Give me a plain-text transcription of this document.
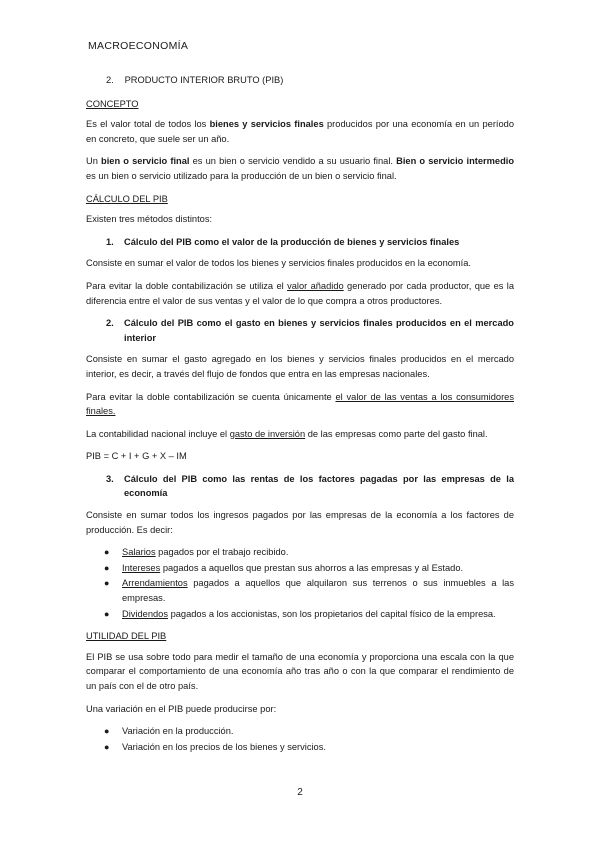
MACROECONOMÍA
2. PRODUCTO INTERIOR BRUTO (PIB)
CONCEPTO

Es el valor total de todos los bienes y servicios finales producidos por una economía en un período en concreto, que suele ser un año.

Un bien o servicio final es un bien o servicio vendido a su usuario final. Bien o servicio intermedio es un bien o servicio utilizado para la producción de un bien o servicio final.

CÁLCULO DEL PIB

Existen tres métodos distintos:

1.	Cálculo del PIB como el valor de la producción de bienes y servicios finales

Consiste en sumar el valor de todos los bienes y servicios finales producidos en la economía.

Para evitar la doble contabilización se utiliza el valor añadido generado por cada productor, que es la diferencia entre el valor de sus ventas y el valor de lo que compra a otros productores.

2.	Cálculo del PIB como el gasto en bienes y servicios finales producidos en el mercado interior

Consiste en sumar el gasto agregado en los bienes y servicios finales producidos en el mercado interior, es decir, a través del flujo de fondos que entra en las empresas nacionales.

Para evitar la doble contabilización se cuenta únicamente el valor de las ventas a los consumidores finales.

La contabilidad nacional incluye el gasto de inversión de las empresas como parte del gasto final.

PIB = C + I + G + X – IM

3.	Cálculo del PIB como las rentas de los factores pagadas por las empresas de la economía

Consiste en sumar todos los ingresos pagados por las empresas de la economía a los factores de producción. Es decir:

●	Salarios pagados por el trabajo recibido.
●	Intereses pagados a aquellos que prestan sus ahorros a las empresas y al Estado.
●	Arrendamientos pagados a aquellos que alquilaron sus terrenos o sus inmuebles a las empresas.
●	Dividendos pagados a los accionistas, son los propietarios del capital físico de la empresa.
UTILIDAD DEL PIB

El PIB se usa sobre todo para medir el tamaño de una economía y proporciona una escala con la que comparar el comportamiento de una economía año tras año o con la que comparar el rendimiento de un país con el de otro país.

Una variación en el PIB puede producirse por:

●	Variación en la producción.
●	Variación en los precios de los bienes y servicios.
2
